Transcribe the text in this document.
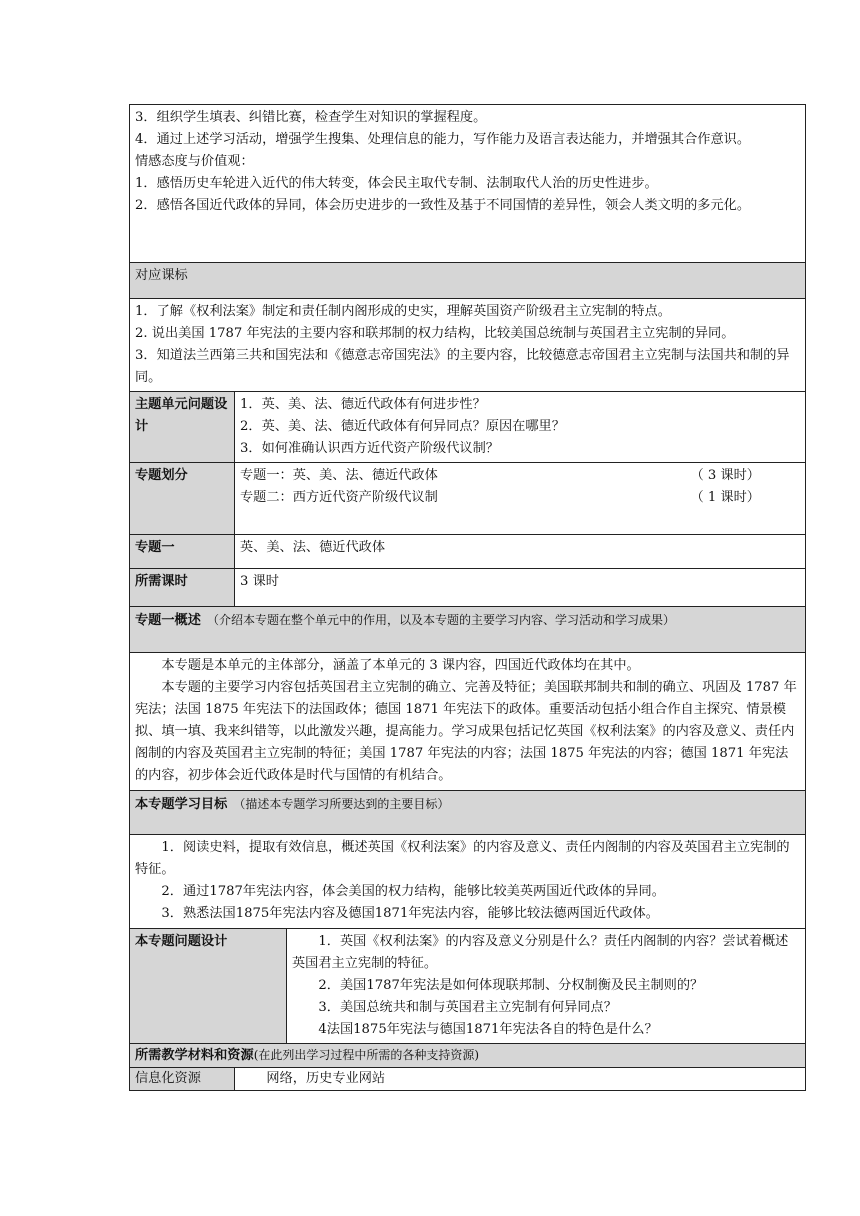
3．组织学生填表、纠错比赛，检查学生对知识的掌握程度。
4．通过上述学习活动，增强学生搜集、处理信息的能力，写作能力及语言表达能力，并增强其合作意识。
情感态度与价值观：
1．感悟历史车轮进入近代的伟大转变，体会民主取代专制、法制取代人治的历史性进步。
2．感悟各国近代政体的异同，体会历史进步的一致性及基于不同国情的差异性，领会人类文明的多元化。		

对应课标		

1．了解《权利法案》制定和责任制内阁形成的史实，理解英国资产阶级君主立宪制的特点。
2. 说出美国 1787 年宪法的主要内容和联邦制的权力结构，比较美国总统制与英国君主立宪制的异同。
3．知道法兰西第三共和国宪法和《德意志帝国宪法》的主要内容，比较德意志帝国君主立宪制与法国共和制的异同。		

主题单元问题设计	1．英、美、法、德近代政体有何进步性？
2．英、美、法、德近代政体有何异同点？原因在哪里？
3．如何准确认识西方近代资产阶级代议制？	

专题划分	专题一：英、美、法、德近代政体 （ 3 课时）
专题二：西方近代资产阶级代议制 （ 1 课时）	

专题一	英、美、法、德近代政体	
所需课时	3 课时	
专题一概述 （介绍本专题在整个单元中的作用，以及本专题的主要学习内容、学习活动和学习成果）		

本专题是本单元的主体部分，涵盖了本单元的 3 课内容，四国近代政体均在其中。
本专题的主要学习内容包括英国君主立宪制的确立、完善及特征；美国联邦制共和制的确立、巩固及 1787 年宪法；法国 1875 年宪法下的法国政体；德国 1871 年宪法下的政体。重要活动包括小组合作自主探究、情景模拟、填一填、我来纠错等，以此激发兴趣，提高能力。学习成果包括记忆英国《权利法案》的内容及意义、责任内阁制的内容及英国君主立宪制的特征；美国 1787 年宪法的内容；法国 1875 年宪法的内容；德国 1871 年宪法的内容，初步体会近代政体是时代与国情的有机结合。		

本专题学习目标 （描述本专题学习所要达到的主要目标）		

1．阅读史料，提取有效信息，概述英国《权利法案》的内容及意义、责任内阁制的内容及英国君主立宪制的特征。
2．通过1787年宪法内容，体会美国的权力结构，能够比较美英两国近代政体的异同。
3．熟悉法国1875年宪法内容及德国1871年宪法内容，能够比较法德两国近代政体。		

本专题问题设计		1．英国《权利法案》的内容及意义分别是什么？责任内阁制的内容？尝试着概述英国君主立宪制的特征。
2．美国1787年宪法是如何体现联邦制、分权制衡及民主制则的？
3．美国总统共和制与英国君主立宪制有何异同点？
4法国1875年宪法与德国1871年宪法各自的特色是什么？

所需教学材料和资源(在此列出学习过程中所需的各种支持资源)		
信息化资源	网络，历史专业网站	
